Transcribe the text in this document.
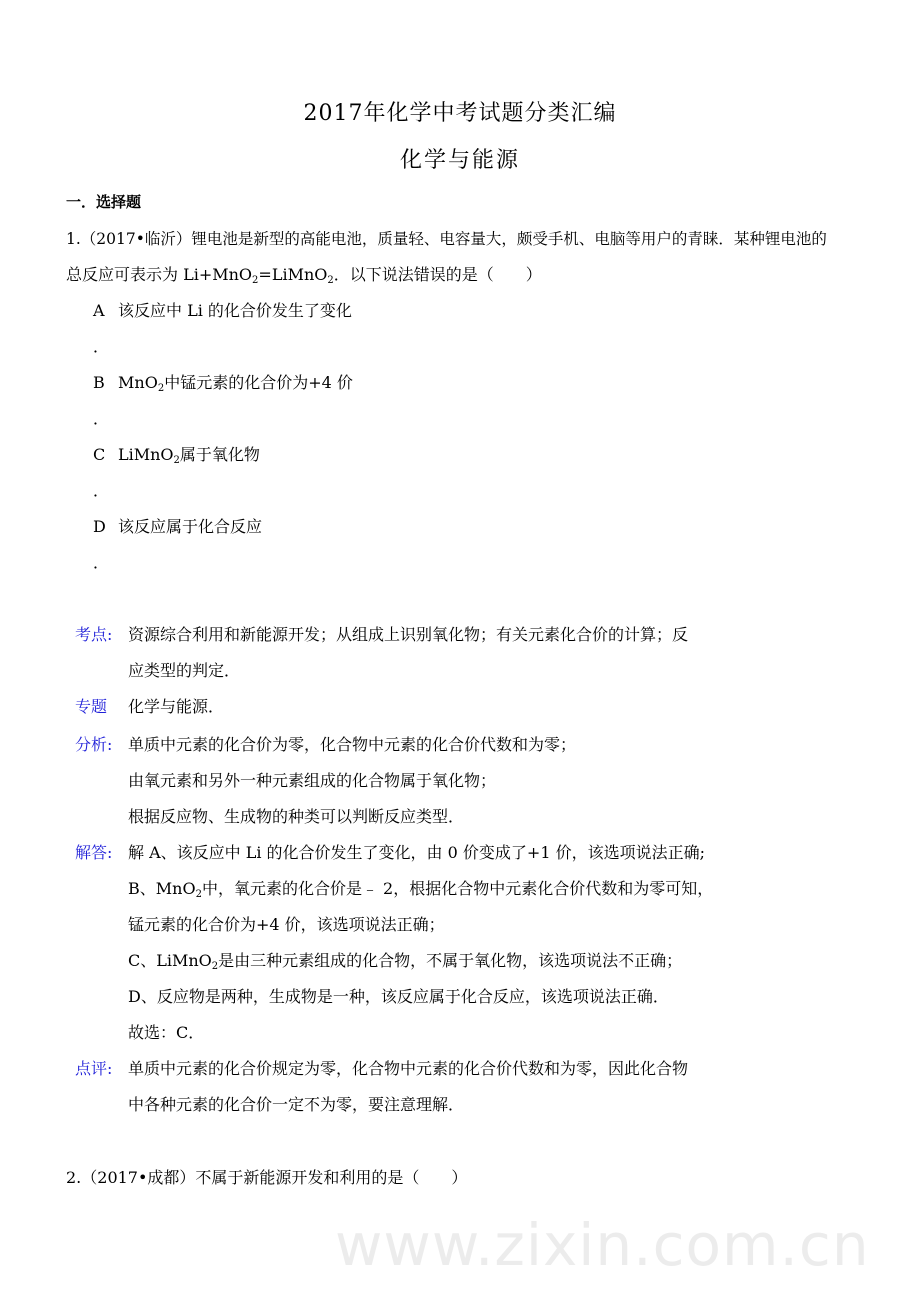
2017年化学中考试题分类汇编
化学与能源
一．选择题
1.（2017•临沂）锂电池是新型的高能电池，质量轻、电容量大，颇受手机、电脑等用户的青睐．某种锂电池的
总反应可表示为 Li+MnO$_2$=LiMnO$_2$．以下说法错误的是（　　）
A 该反应中 Li 的化合价发生了变化
．
B MnO$_2$中锰元素的化合价为+4 价
．
C LiMnO$_2$属于氧化物
．
D 该反应属于化合反应
．
考点: 资源综合利用和新能源开发；从组成上识别氧化物；有关元素化合价的计算；反
应类型的判定．
专题 化学与能源．
分析: 单质中元素的化合价为零，化合物中元素的化合价代数和为零；
由氧元素和另外一种元素组成的化合物属于氧化物；
根据反应物、生成物的种类可以判断反应类型．
解答: 解 A、该反应中 Li 的化合价发生了变化，由 0 价变成了+1 价，该选项说法正确;
B、MnO$_2$中，氧元素的化合价是﹣ 2，根据化合物中元素化合价代数和为零可知，
锰元素的化合价为+4 价，该选项说法正确；
C、LiMnO$_2$是由三种元素组成的化合物，不属于氧化物，该选项说法不正确；
D、反应物是两种，生成物是一种，该反应属于化合反应，该选项说法正确．
故选：C．
点评: 单质中元素的化合价规定为零，化合物中元素的化合价代数和为零，因此化合物
中各种元素的化合价一定不为零，要注意理解．
2.（2017•成都）不属于新能源开发和利用的是（　　）
www.zixin.com.cn
